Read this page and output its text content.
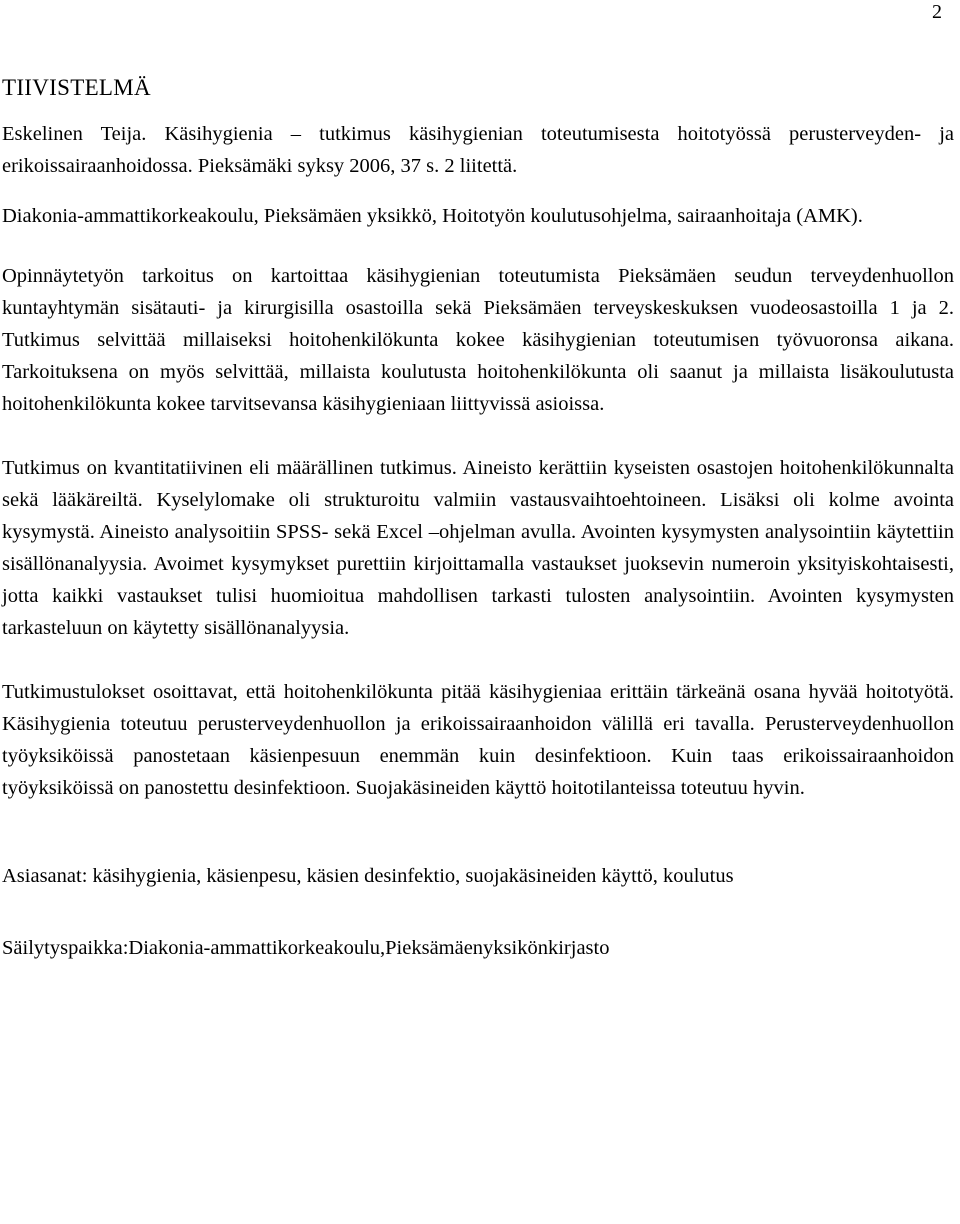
2
TIIVISTELMÄ

Eskelinen Teija. Käsihygienia – tutkimus käsihygienian toteutumisesta hoitotyössä perusterveyden- ja erikoissairaanhoidossa. Pieksämäki syksy 2006, 37 s. 2 liitettä.

Diakonia-ammattikorkeakoulu, Pieksämäen yksikkö, Hoitotyön koulutusohjelma, sairaanhoitaja (AMK).

Opinnäytetyön tarkoitus on kartoittaa käsihygienian toteutumista Pieksämäen seudun terveydenhuollon kuntayhtymän sisätauti- ja kirurgisilla osastoilla sekä Pieksämäen terveyskeskuksen vuodeosastoilla 1 ja 2. Tutkimus selvittää millaiseksi hoitohenkilökunta kokee käsihygienian toteutumisen työvuoronsa aikana. Tarkoituksena on myös selvittää, millaista koulutusta hoitohenkilökunta oli saanut ja millaista lisäkoulutusta hoitohenkilökunta kokee tarvitsevansa käsihygieniaan liittyvissä asioissa.

Tutkimus on kvantitatiivinen eli määrällinen tutkimus. Aineisto kerättiin kyseisten osastojen hoitohenkilökunnalta sekä lääkäreiltä. Kyselylomake oli strukturoitu valmiin vastausvaihtoehtoineen. Lisäksi oli kolme avointa kysymystä. Aineisto analysoitiin SPSS- sekä Excel –ohjelman avulla. Avointen kysymysten analysointiin käytettiin sisällönanalyysia. Avoimet kysymykset purettiin kirjoittamalla vastaukset juoksevin numeroin yksityiskohtaisesti, jotta kaikki vastaukset tulisi huomioitua mahdollisen tarkasti tulosten analysointiin. Avointen kysymysten tarkasteluun on käytetty sisällönanalyysia.

Tutkimustulokset osoittavat, että hoitohenkilökunta pitää käsihygieniaa erittäin tärkeänä osana hyvää hoitotyötä. Käsihygienia toteutuu perusterveydenhuollon ja erikoissairaanhoidon välillä eri tavalla. Perusterveydenhuollon työyksiköissä panostetaan käsienpesuun enemmän kuin desinfektioon. Kuin taas erikoissairaanhoidon työyksiköissä on panostettu desinfektioon. Suojakäsineiden käyttö hoitotilanteissa toteutuu hyvin.

Asiasanat: käsihygienia, käsienpesu, käsien desinfektio, suojakäsineiden käyttö, koulutus

Säilytyspaikka:Diakonia-ammattikorkeakoulu,Pieksämäenyksikönkirjasto
